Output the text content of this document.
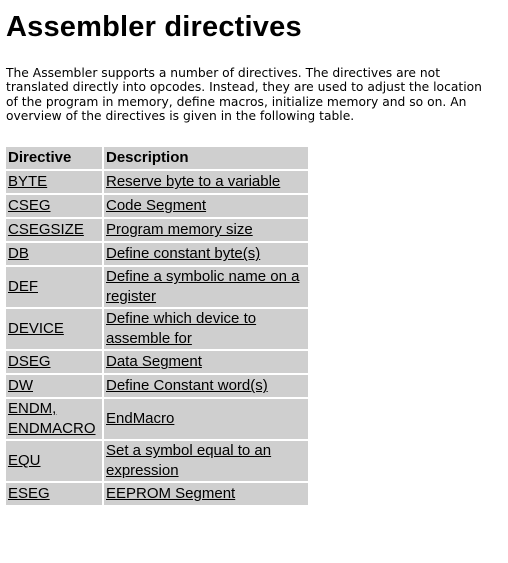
Assembler directives

The Assembler supports a number of directives. The directives are not translated directly into opcodes. Instead, they are used to adjust the location of the program in memory, define macros, initialize memory and so on. An overview of the directives is given in the following table.

Directive	Description
BYTE	Reserve byte to a variable
CSEG	Code Segment
CSEGSIZE	Program memory size
DB	Define constant byte(s)
DEF	Define a symbolic name on a register
DEVICE	Define which device to assemble for
DSEG	Data Segment
DW	Define Constant word(s)
ENDM, ENDMACRO	EndMacro
EQU	Set a symbol equal to an expression
ESEG	EEPROM Segment
